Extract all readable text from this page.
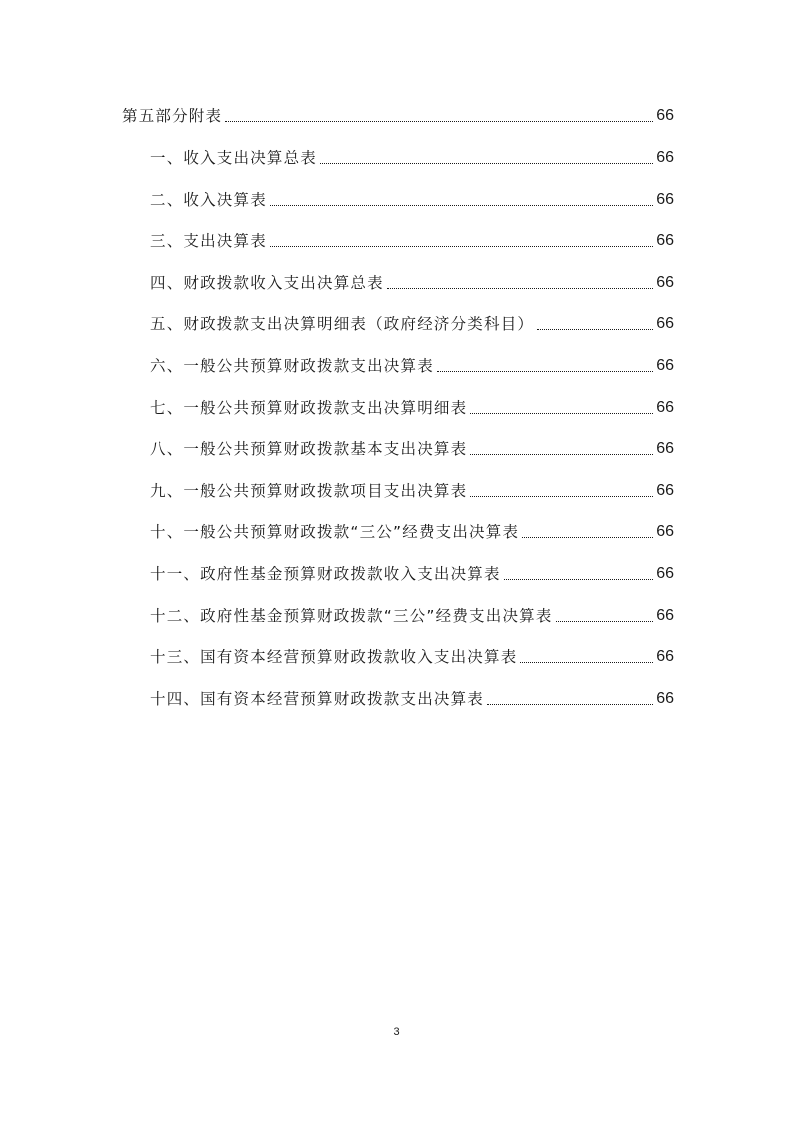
第五部分附表	66
一、收入支出决算总表	66
二、收入决算表	66
三、支出决算表	66
四、财政拨款收入支出决算总表	66
五、财政拨款支出决算明细表（政府经济分类科目）	66
六、一般公共预算财政拨款支出决算表	66
七、一般公共预算财政拨款支出决算明细表	66
八、一般公共预算财政拨款基本支出决算表	66
九、一般公共预算财政拨款项目支出决算表	66
十、一般公共预算财政拨款“三公”经费支出决算表	66
十一、政府性基金预算财政拨款收入支出决算表	66
十二、政府性基金预算财政拨款“三公”经费支出决算表	66
十三、国有资本经营预算财政拨款收入支出决算表	66
十四、国有资本经营预算财政拨款支出决算表	66
3
